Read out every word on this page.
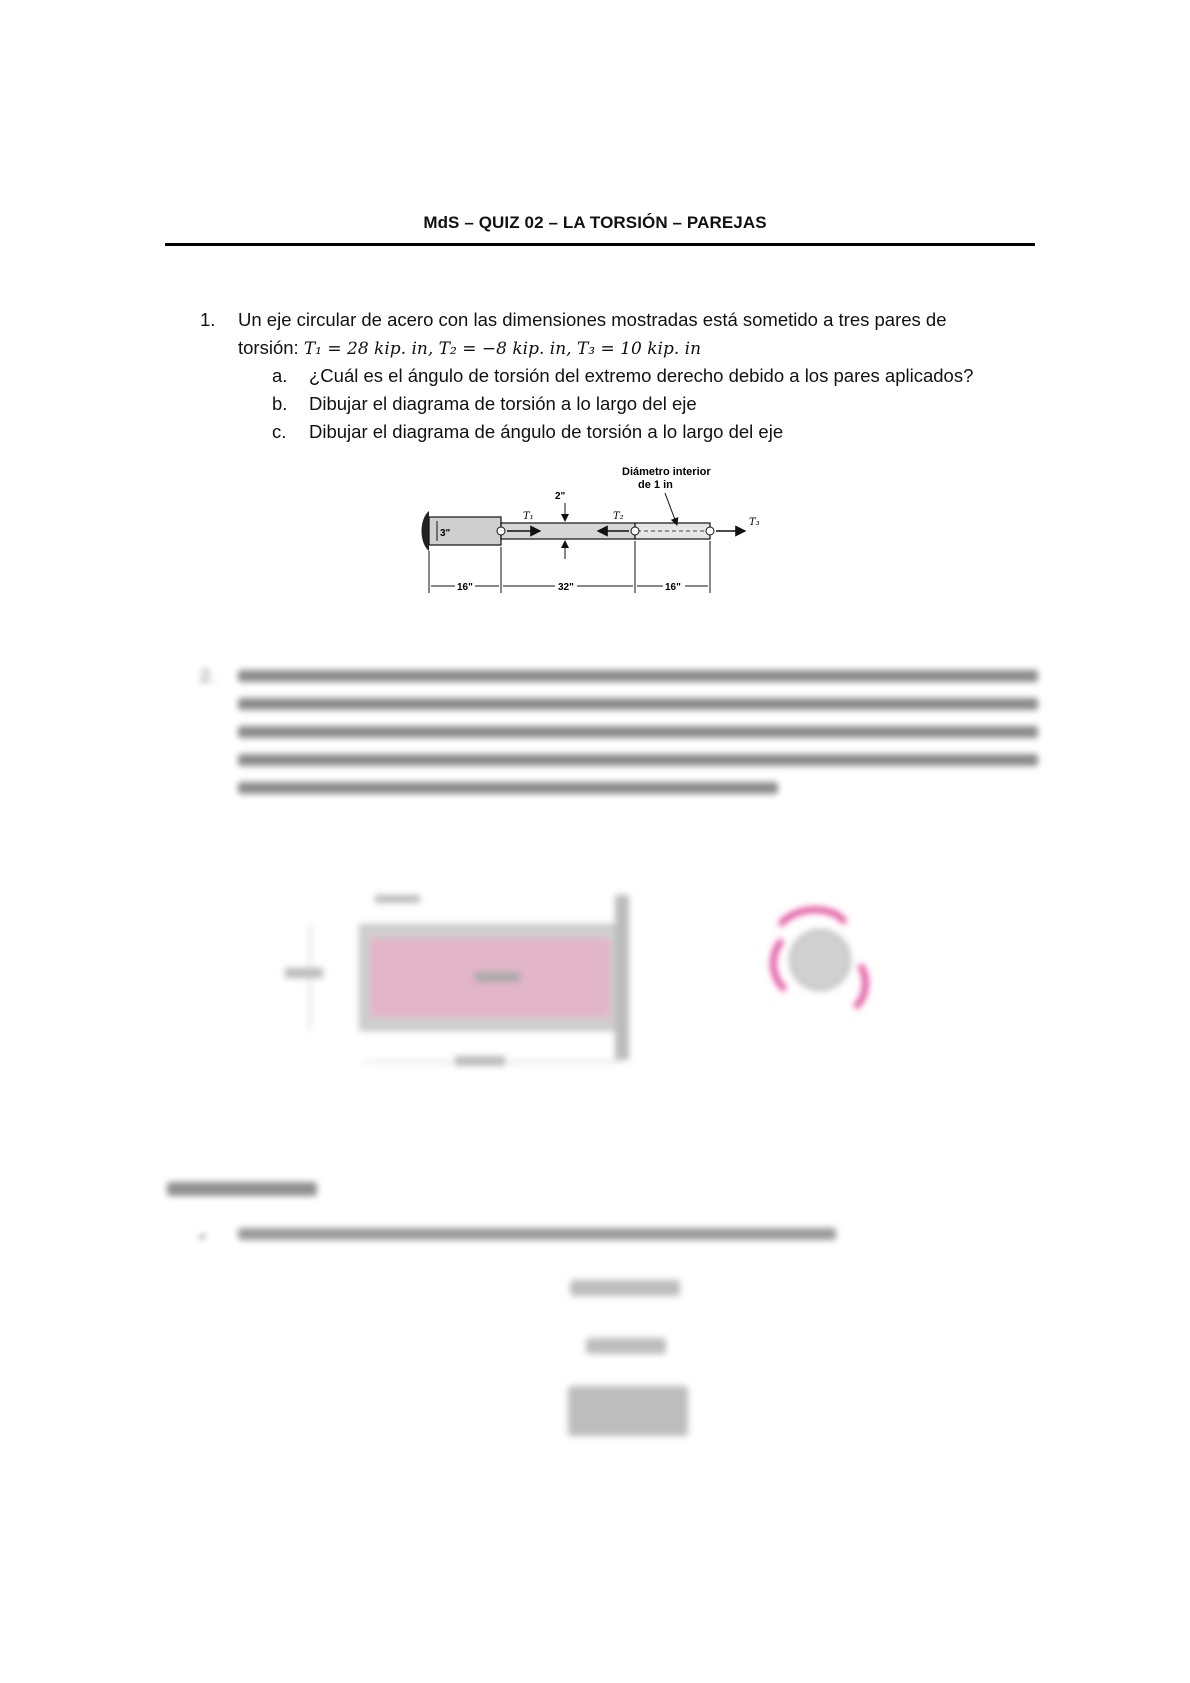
MdS – QUIZ 02 – LA TORSIÓN – PAREJAS
1. Un eje circular de acero con las dimensiones mostradas está sometido a tres pares de
torsión: T₁ = 28 kip. in, T₂ = −8 kip. in, T₃ = 10 kip. in
a. ¿Cuál es el ángulo de torsión del extremo derecho debido a los pares aplicados?
b. Dibujar el diagrama de torsión a lo largo del eje
c. Dibujar el diagrama de ángulo de torsión a lo largo del eje
2"
3"
T₁	T₂
T₃
Diámetro interior
de 1 in
16"	32"	16"
2.
▪
